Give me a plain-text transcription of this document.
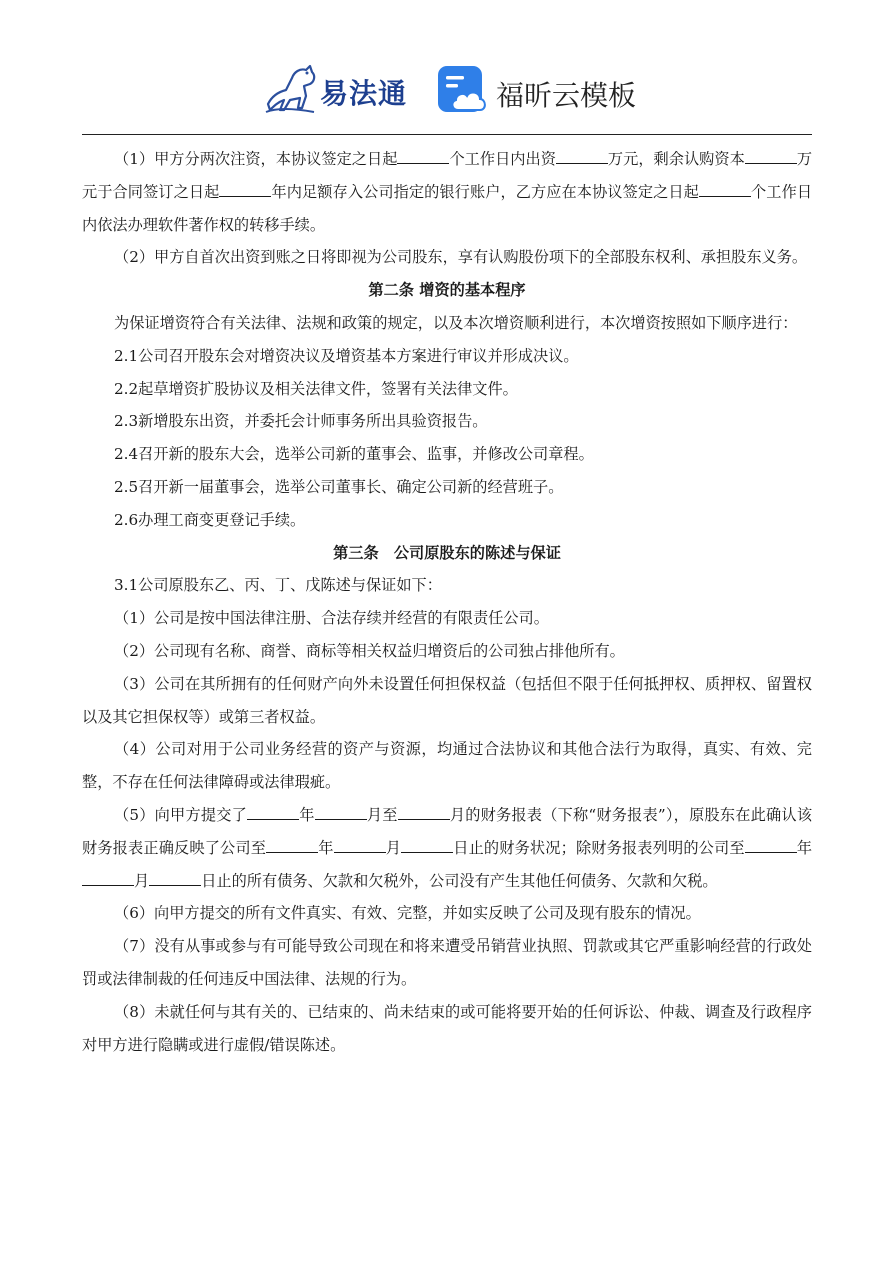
易法通	福昕云模板

（1）甲方分两次注资，本协议签定之日起	个工作日内出资	万元，剩余认购资本	万元于合同签订之日起	年内足额存入公司指定的银行账户，乙方应在本协议签定之日起	个工作日内依法办理软件著作权的转移手续。

（2）甲方自首次出资到账之日将即视为公司股东，享有认购股份项下的全部股东权利、承担股东义务。

第二条 增资的基本程序

为保证增资符合有关法律、法规和政策的规定，以及本次增资顺利进行，本次增资按照如下顺序进行：

2.1公司召开股东会对增资决议及增资基本方案进行审议并形成决议。

2.2起草增资扩股协议及相关法律文件，签署有关法律文件。

2.3新增股东出资，并委托会计师事务所出具验资报告。

2.4召开新的股东大会，选举公司新的董事会、监事，并修改公司章程。

2.5召开新一届董事会，选举公司董事长、确定公司新的经营班子。

2.6办理工商变更登记手续。

第三条　公司原股东的陈述与保证

3.1公司原股东乙、丙、丁、戊陈述与保证如下：

（1）公司是按中国法律注册、合法存续并经营的有限责任公司。

（2）公司现有名称、商誉、商标等相关权益归增资后的公司独占排他所有。

（3）公司在其所拥有的任何财产向外未设置任何担保权益（包括但不限于任何抵押权、质押权、留置权以及其它担保权等）或第三者权益。

（4）公司对用于公司业务经营的资产与资源，均通过合法协议和其他合法行为取得，真实、有效、完整，不存在任何法律障碍或法律瑕疵。

（5）向甲方提交了	年	月至	月的财务报表（下称“财务报表”），原股东在此确认该财务报表正确反映了公司至	年	月	日止的财务状况；除财务报表列明的公司至	年月	日止的所有债务、欠款和欠税外，公司没有产生其他任何债务、欠款和欠税。

（6）向甲方提交的所有文件真实、有效、完整，并如实反映了公司及现有股东的情况。

（7）没有从事或参与有可能导致公司现在和将来遭受吊销营业执照、罚款或其它严重影响经营的行政处罚或法律制裁的任何违反中国法律、法规的行为。

（8）未就任何与其有关的、已结束的、尚未结束的或可能将要开始的任何诉讼、仲裁、调查及行政程序对甲方进行隐瞒或进行虚假/错误陈述。
